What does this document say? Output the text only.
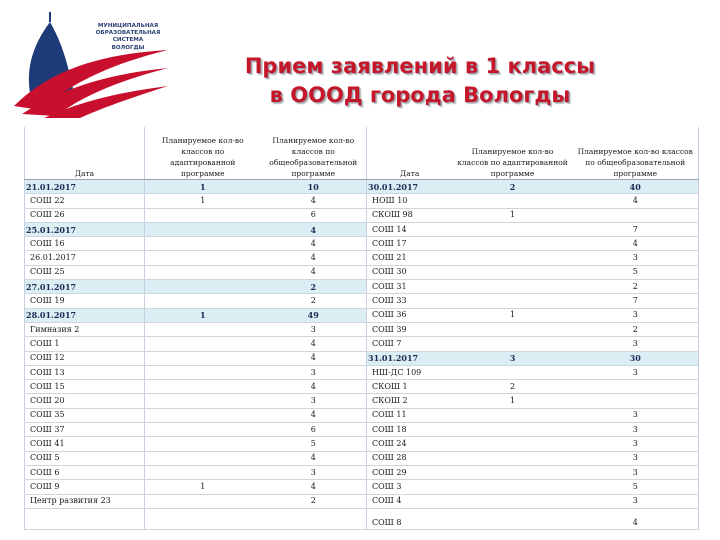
МУНИЦИПАЛЬНАЯ
ОБРАЗОВАТЕЛЬНАЯ
СИСТЕМА
ВОЛОГДЫ
Прием заявлений в 1 классы
в ОООД города Вологды
Дата	Планируемое кол-во классов по адаптированной программе	Планируемое кол-во классов по общеобразовательной программе	Дата	Планируемое кол-во классов по адаптированной программе	Планируемое кол-во классов по общеобразовательной программе
21.01.2017	1	10	30.01.2017	2	40
СОШ 22	1	4	НОШ 10		4
СОШ 26		6	СКОШ 98	1	
25.01.2017		4	СОШ 14		7
СОШ 16		4	СОШ 17		4
26.01.2017		4	СОШ 21		3
СОШ 25		4	СОШ 30		5
27.01.2017		2	СОШ 31		2
СОШ 19		2	СОШ 33		7
28.01.2017	1	49	СОШ 36	1	3
Гимназия 2		3	СОШ 39		2
СОШ 1		4	СОШ 7		3
СОШ 12		4	31.01.2017	3	30
СОШ 13		3	НШ-ДС 109		3
СОШ 15		4	СКОШ 1	2	
СОШ 20		3	СКОШ 2	1	
СОШ 35		4	СОШ 11		3
СОШ 37		6	СОШ 18		3
СОШ 41		5	СОШ 24		3
СОШ 5		4	СОШ 28		3
СОШ 6		3	СОШ 29		3
СОШ 9	1	4	СОШ 3		5
Центр развития 23		2	СОШ 4		3
			СОШ 8		4
